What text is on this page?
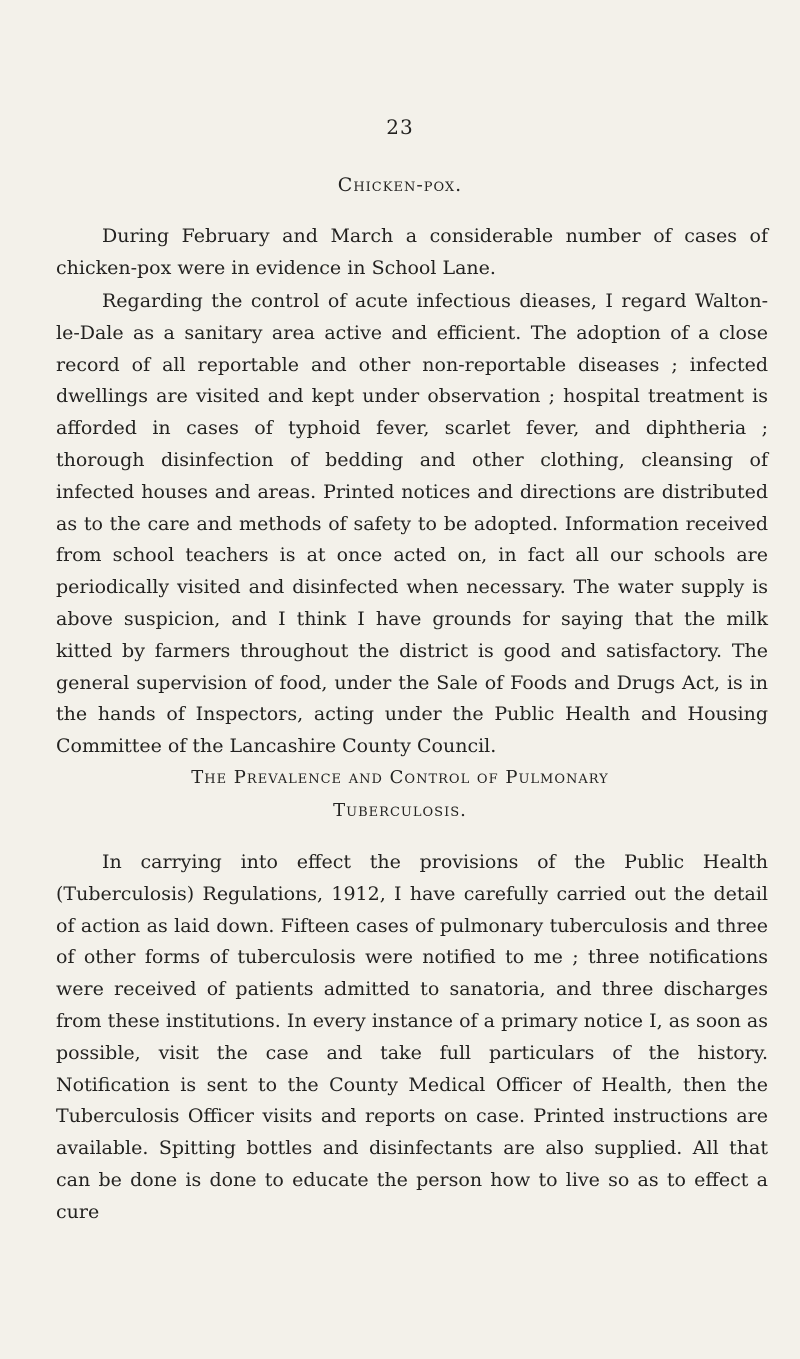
23
Chicken-pox.

During February and March a considerable number of cases of chicken-pox were in evidence in School Lane.

Regarding the control of acute infectious dieases, I regard Walton-le-Dale as a sanitary area active and efficient. The adoption of a close record of all reportable and other non-reportable diseases ; infected dwellings are visited and kept under observation ; hospital treatment is afforded in cases of typhoid fever, scarlet fever, and diphtheria ; thorough disinfection of bedding and other clothing, cleansing of infected houses and areas. Printed notices and directions are distributed as to the care and methods of safety to be adopted. Information received from school teachers is at once acted on, in fact all our schools are periodically visited and disinfected when necessary. The water supply is above suspicion, and I think I have grounds for saying that the milk kitted by farmers throughout the district is good and satisfactory. The general supervision of food, under the Sale of Foods and Drugs Act, is in the hands of Inspectors, acting under the Public Health and Housing Committee of the Lancashire County Council.

The Prevalence and Control of Pulmonary
Tuberculosis.

In carrying into effect the provisions of the Public Health (Tuberculosis) Regulations, 1912, I have carefully carried out the detail of action as laid down. Fifteen cases of pulmonary tuberculosis and three of other forms of tuberculosis were notified to me ; three notifications were received of patients admitted to sanatoria, and three discharges from these institutions. In every instance of a primary notice I, as soon as possible, visit the case and take full particulars of the history. Notification is sent to the County Medical Officer of Health, then the Tuberculosis Officer visits and reports on case. Printed instructions are available. Spitting bottles and disinfectants are also supplied. All that can be done is done to educate the person how to live so as to effect a cure
